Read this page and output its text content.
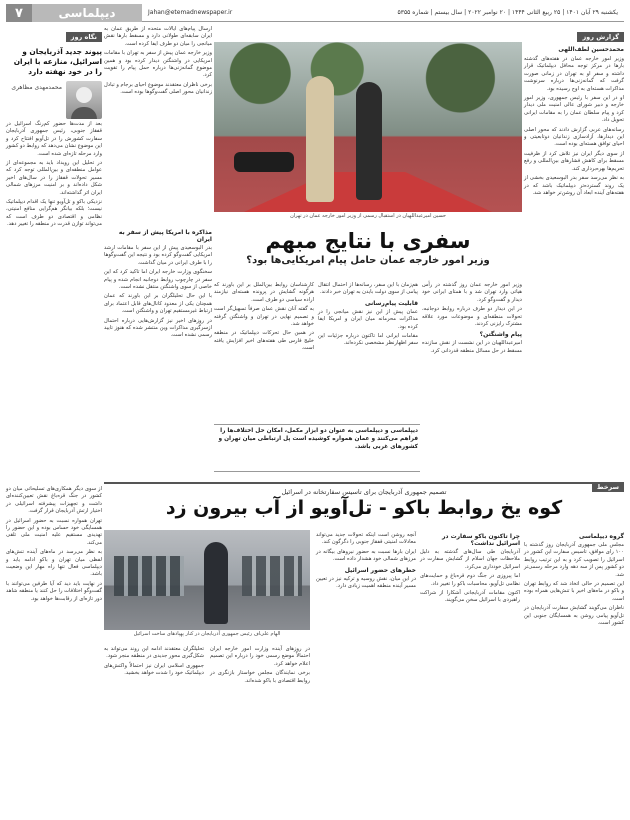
یکشنبه ۲۹ آبان ۱۴۰۱ | ۲۵ ربیع الثانی ۱۴۴۴ | ۲۰ نوامبر ۲۰۲۲ | سال بیستم | شماره ۵۳۵۵
Jahan@etemadnewspaper.ir
دیپلماسی
۷
گزارش روز
محمدحسین لطف‌اللهی

وزیر امور خارجه عمان در هفته‌های گذشته بارها در مرکز توجه محافل دیپلماتیک قرار داشته و سفر او به تهران در زمانی صورت گرفت که گمانه‌زنی‌ها درباره سرنوشت مذاکرات هسته‌ای به اوج رسیده بود.

او در این سفر با رئیس جمهوری، وزیر امور خارجه و دبیر شورای عالی امنیت ملی دیدار کرد و پیام سلطان عمان را به مقامات ایرانی تحویل داد.

رسانه‌های عربی گزارش دادند که محور اصلی این دیدارها، آزادسازی زندانیان دوتابعیتی و احیای توافق هسته‌ای بوده است.

از سوی دیگر ایران نیز تلاش کرد از ظرفیت مسقط برای کاهش فشارهای بین‌المللی و رفع تحریم‌ها بهره‌برداری کند.

به نظر می‌رسد سفر بدر البوسعیدی بخشی از یک روند گسترده‌تر دیپلماتیک باشد که در هفته‌های آینده ابعاد آن روشن‌تر خواهد شد.

ارسال پیام‌های ایالات متحده از طریق عمان به ایران سابقه‌ای طولانی دارد و مسقط بارها نقش میانجی را میان دو طرف ایفا کرده است.

وزیر خارجه عمان پیش از سفر به تهران با مقامات امریکایی در واشنگتن دیدار کرده بود و همین موضوع گمانه‌زنی‌ها درباره حمل پیام را تقویت کرد.

برخی ناظران معتقدند موضوع احیای برجام و تبادل زندانیان محور اصلی گفت‌وگوها بوده است.

حسین امیرعبداللهیان در استقبال رسمی از وزیر امور خارجه عمان در تهران
سفری با نتایج مبهم
وزیر امور خارجه عمان حامل پیام امریکایی‌ها بود؟

وزیر امور خارجه عمان روز گذشته در رأس هیاتی وارد تهران شد و با همتای ایرانی خود دیدار و گفت‌وگو کرد.

در این دیدار دو طرف درباره روابط دوجانبه، تحولات منطقه‌ای و موضوعات مورد علاقه مشترک رایزنی کردند.

پیام واشنگتن؟

امیرعبداللهیان در این نشست از نقش سازنده مسقط در حل مسائل منطقه قدردانی کرد.

هم‌زمان با این سفر، رسانه‌ها از احتمال انتقال پیامی از سوی دولت بایدن به تهران خبر دادند.

قابلیت پیام‌رسانی

عمان پیش از این نیز نقش میانجی را در مذاکرات محرمانه میان ایران و امریکا ایفا کرده بود.

مقامات ایرانی اما تاکنون درباره جزئیات این سفر اظهارنظر مشخصی نکرده‌اند.

کارشناسان روابط بین‌الملل بر این باورند که هرگونه گشایش در پرونده هسته‌ای نیازمند اراده سیاسی دو طرف است.

به گفته آنان نقش عمان صرفاً تسهیل‌گر است و تصمیم نهایی در تهران و واشنگتن گرفته خواهد شد.

در همین حال تحرکات دیپلماتیک در منطقه خلیج فارس طی هفته‌های اخیر افزایش یافته است.

مذاکره با امریکا پیش از سفر به ایران

بدر البوسعیدی پیش از این سفر با مقامات ارشد امریکایی گفت‌وگو کرده بود و نتیجه این گفت‌وگوها را با طرف ایرانی در میان گذاشت.

سخنگوی وزارت خارجه ایران اما تاکید کرد که این سفر در چارچوب روابط دوجانبه انجام شده و پیام خاصی از سوی واشنگتن منتقل نشده است.

با این حال تحلیلگران بر این باورند که عمان همچنان یکی از معدود کانال‌های قابل اعتماد برای ارتباط غیرمستقیم تهران و واشنگتن است.

در روزهای اخیر نیز گزارش‌هایی درباره احتمال ازسرگیری مذاکرات وین منتشر شده که هنوز تایید رسمی نشده است.

دیپلماسی و دیپلماسی به عنوان دو ابزار مکمل، امکان حل اختلاف‌ها را فراهم می‌کنند و عمان همواره کوشیده است پل ارتباطی میان تهران و کشورهای غربی باشد.
نگاه روز
پیوند جدید آذربایجان و اسرائیل، منازعه با ایران را در خود نهفته دارد
محمدمهدی مظاهری

بعد از مدت‌ها حضور کم‌رنگ اسرائیل در قفقاز جنوبی، رئیس جمهوری آذربایجان سفارت کشورش را در تل‌آویو افتتاح کرد و این موضوع نشان می‌دهد که روابط دو کشور وارد مرحله تازه‌ای شده است.

در تحلیل این رویداد باید به مجموعه‌ای از عوامل منطقه‌ای و بین‌المللی توجه کرد که مسیر تحولات قفقاز را در سال‌های اخیر شکل داده‌اند و بر امنیت مرزهای شمالی ایران اثر گذاشته‌اند.

نزدیکی باکو و تل‌آویو تنها یک اقدام دیپلماتیک نیست؛ بلکه بیانگر هم‌گرایی منافع امنیتی، نظامی و اقتصادی دو طرف است که می‌تواند توازن قدرت در منطقه را تغییر دهد.

از سوی دیگر همکاری‌های تسلیحاتی میان دو کشور در جنگ قره‌باغ نقش تعیین‌کننده‌ای داشت و تجهیزات پیشرفته اسرائیلی در اختیار ارتش آذربایجان قرار گرفت.

تهران همواره نسبت به حضور اسرائیل در همسایگی خود حساس بوده و این حضور را تهدیدی مستقیم علیه امنیت ملی تلقی می‌کند.

به نظر می‌رسد در ماه‌های آینده تنش‌های لفظی میان تهران و باکو ادامه یابد و دیپلماسی فعال تنها راه مهار این وضعیت باشد.

در نهایت باید دید که آیا طرفین می‌توانند با گفت‌وگو اختلافات را حل کنند یا منطقه شاهد دور تازه‌ای از رقابت‌ها خواهد بود.

سرخط
تصمیم جمهوری آذربایجان برای تاسیس سفارتخانه در اسرائیل
کوه یخ روابط باکو - تل‌آویو از آب بیرون زد
الهام علی‌اف رئیس جمهوری آذربایجان در کنار پهپادهای ساخت اسرائیل
گروه دیپلماسی

مجلس ملی جمهوری آذربایجان روز گذشته با ۱۰۰ رای موافق، تاسیس سفارت این کشور در اسرائیل را تصویب کرد و به این ترتیب روابط دو کشور پس از سه دهه وارد مرحله رسمی‌تر شد.

این تصمیم در حالی اتخاذ شد که روابط تهران و باکو در ماه‌های اخیر با تنش‌هایی همراه بوده است.

ناظران می‌گویند گشایش سفارت آذربایجان در تل‌آویو پیامی روشن به همسایگان جنوبی این کشور است.

چرا تاکنون باکو سفارت در اسرائیل نداشت؟

آذربایجان طی سال‌های گذشته به دلیل ملاحظات جهان اسلام از گشایش سفارت در اسرائیل خودداری می‌کرد.

اما پیروزی در جنگ دوم قره‌باغ و حمایت‌های نظامی تل‌آویو، محاسبات باکو را تغییر داد.

اکنون مقامات آذربایجانی آشکارا از شراکت راهبردی با اسرائیل سخن می‌گویند.

آنچه روشن است اینکه تحولات جدید می‌تواند معادلات امنیتی قفقاز جنوبی را دگرگون کند.

ایران بارها نسبت به حضور نیروهای بیگانه در مرزهای شمالی خود هشدار داده است.

خطرهای حضور اسرائیل

در این میان، نقش روسیه و ترکیه نیز در تعیین مسیر آینده منطقه اهمیت زیادی دارد.

در روزهای آینده وزارت امور خارجه ایران احتمالاً موضع رسمی خود را درباره این تصمیم اعلام خواهد کرد.

برخی نمایندگان مجلس خواستار بازنگری در روابط اقتصادی با باکو شده‌اند.

تحلیلگران معتقدند ادامه این روند می‌تواند به شکل‌گیری محور جدیدی در منطقه منجر شود.

جمهوری اسلامی ایران نیز احتمالاً واکنش‌های دیپلماتیک خود را شدت خواهد بخشید.
